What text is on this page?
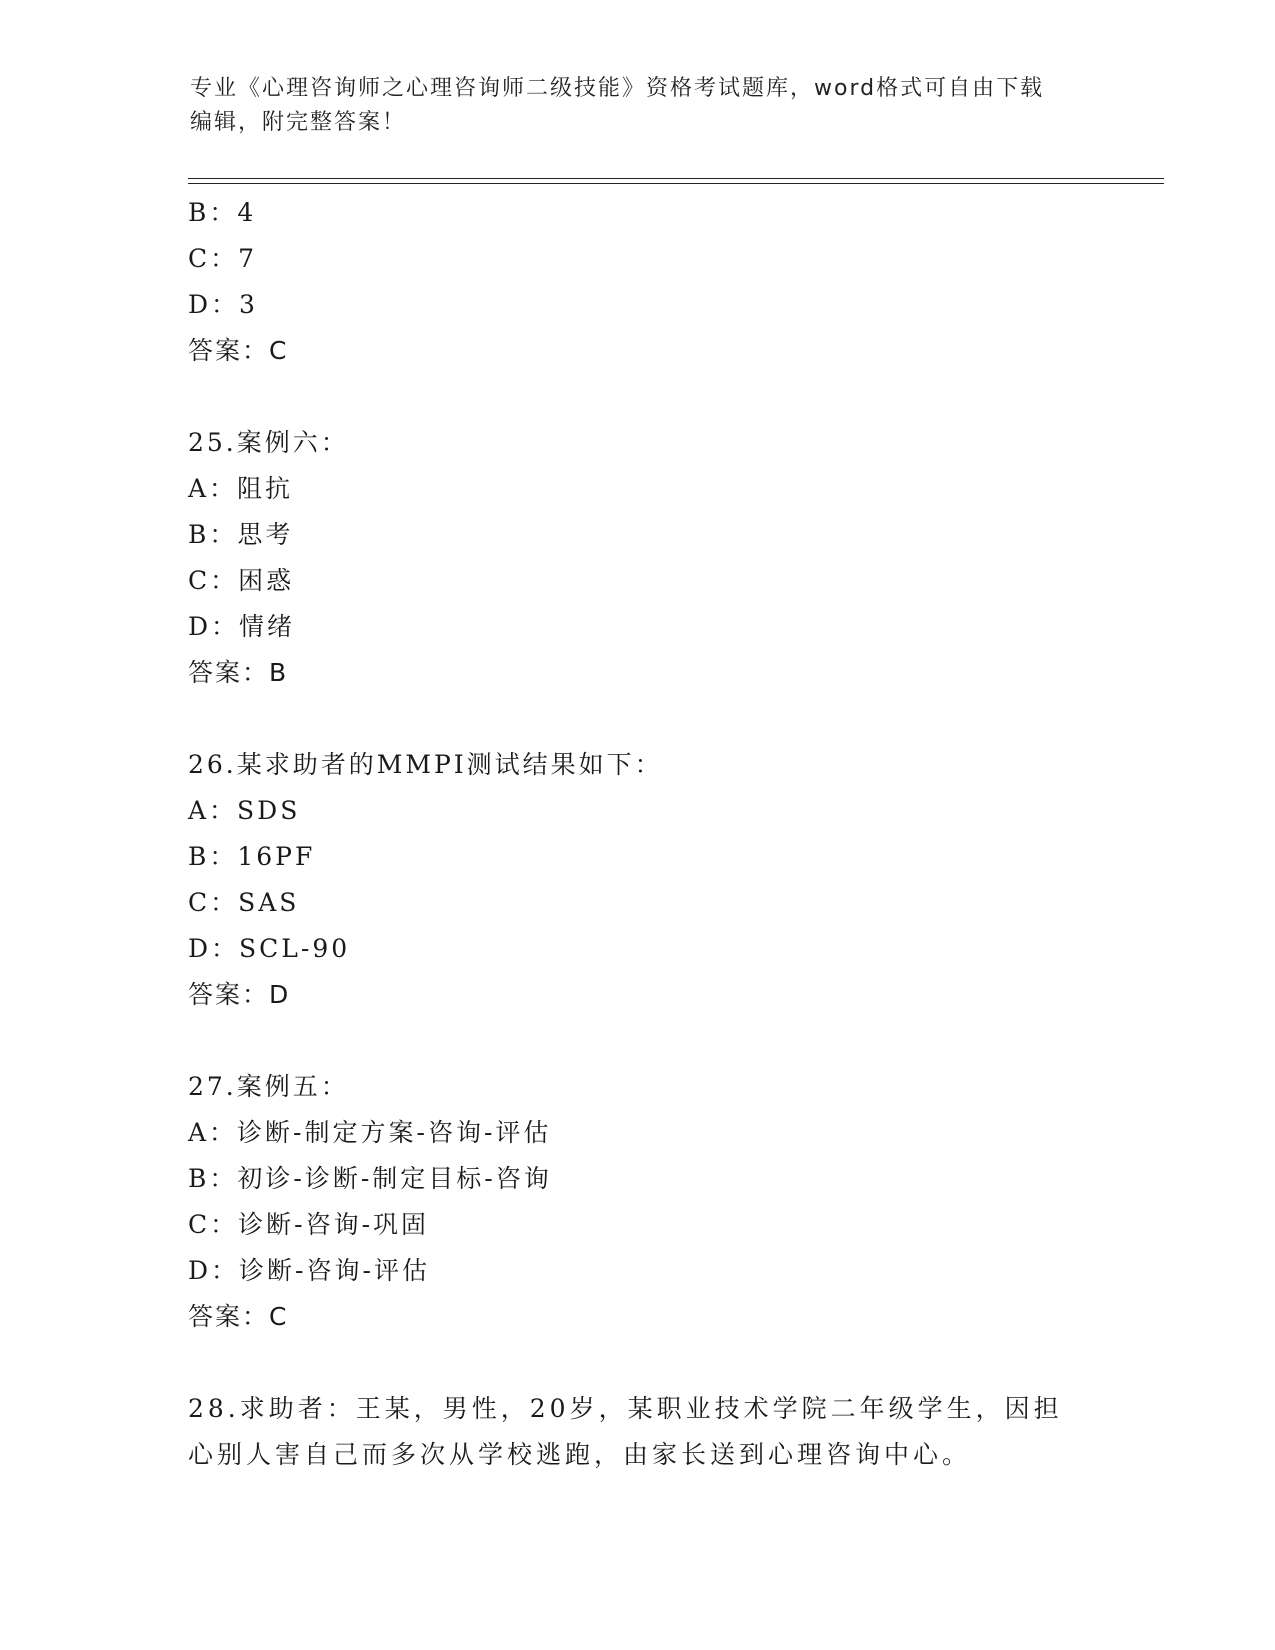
专业《心理咨询师之心理咨询师二级技能》资格考试题库，word格式可自由下载
编辑，附完整答案！
B：4
C：7
D：3
答案：C
25.案例六：
A：阻抗
B：思考
C：困惑
D：情绪
答案：B
26.某求助者的MMPI测试结果如下：
A：SDS
B：16PF
C：SAS
D：SCL-90
答案：D
27.案例五：
A：诊断-制定方案-咨询-评估
B：初诊-诊断-制定目标-咨询
C：诊断-咨询-巩固
D：诊断-咨询-评估
答案：C
28.求助者：王某，男性，20岁，某职业技术学院二年级学生，因担心别人害自己而多次从学校逃跑，由家长送到心理咨询中心。
